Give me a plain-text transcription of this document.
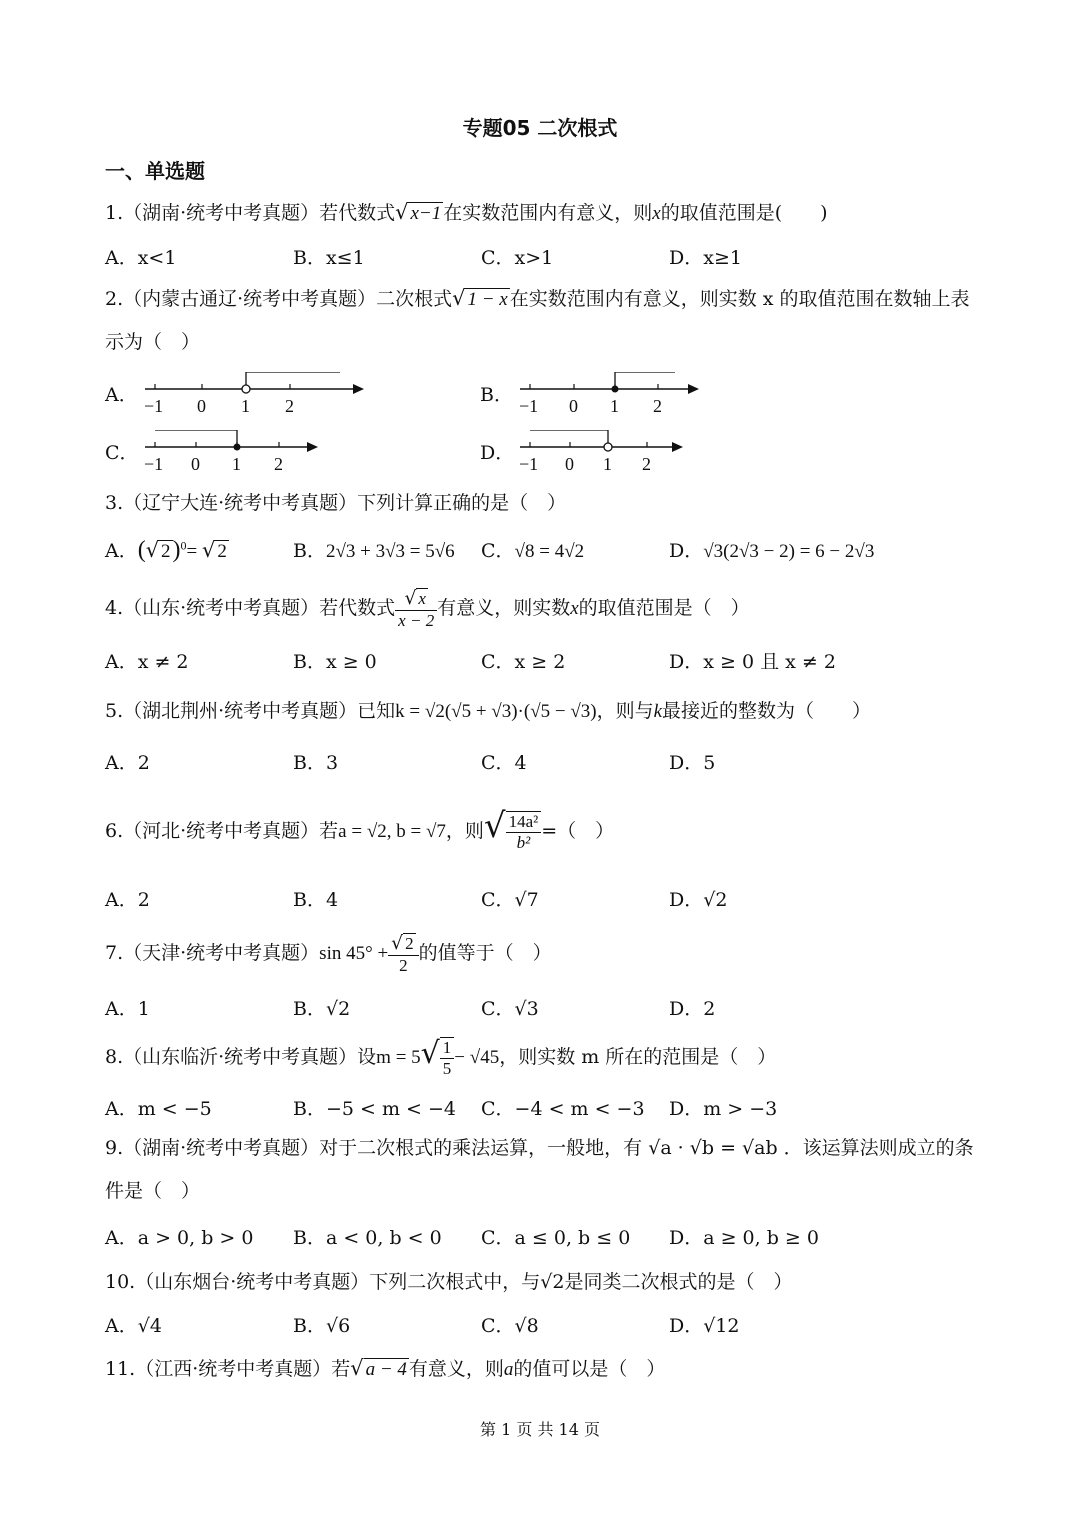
专题05 二次根式
一、单选题
1.（湖南·统考中考真题）若代数式√ x−1 在实数范围内有意义，则x的取值范围是(　　)
A．x<1	B．x≤1	C．x>1	D．x≥1
2.（内蒙古通辽·统考中考真题）二次根式√ 1 − x 在实数范围内有意义，则实数 x 的取值范围在数轴上表示为（　）
A． −1 0 1 2	B． −1 0 1 2
C． −1 0 1 2	D． −1 0 1 2
3.（辽宁大连·统考中考真题）下列计算正确的是（　）
A．(√ 2)$^0$= √ 2	B．2√3 + 3√3 = 5√6 C．√8 = 4√2	D．√3(2√3 − 2) = 6 − 2√3
4.（山东·统考中考真题）若代数式 $\frac{√ x}{x - 2}$ 有意义，则实数x的取值范围是（　）
A．x ≠ 2	B．x ≥ 0	C．x ≥ 2	D．x ≥ 0 且 x ≠ 2
5.（湖北荆州·统考中考真题）已知k = √2(√5 + √3)·(√5 − √3)，则与k最接近的整数为（　　）
A．2	B．3	C．4	D．5
6.（河北·统考中考真题）若a = √2, b = √7，则√ $\frac{\text{14a²}}{\text{b²}}$ =（　）
A．2	B．4	C．√7	D．√2
7.（天津·统考中考真题）sin $45^\circ + \frac{√ 2}{2}$ 的值等于（　）
A．1	B．√2	C．√3	D．2
8.（山东临沂·统考中考真题）设$m = 5√ \frac{1}{5} - √45$，则实数 m 所在的范围是（　）
A．m < −5	B．−5 < m < −4 C．−4 < m < −3 D．m > −3
9.（湖南·统考中考真题）对于二次根式的乘法运算，一般地，有 √a · √b = √ab ．该运算法则成立的条件是（　）
A．a > 0, b > 0 B．a < 0, b < 0 C．a ≤ 0, b ≤ 0 D．a ≥ 0, b ≥ 0
10.（山东烟台·统考中考真题）下列二次根式中，与√2是同类二次根式的是（　）
A．√4	B．√6	C．√8	D．√12
11.（江西·统考中考真题）若√ a − 4 有意义，则a的值可以是（　）
第 1 页 共 14 页
